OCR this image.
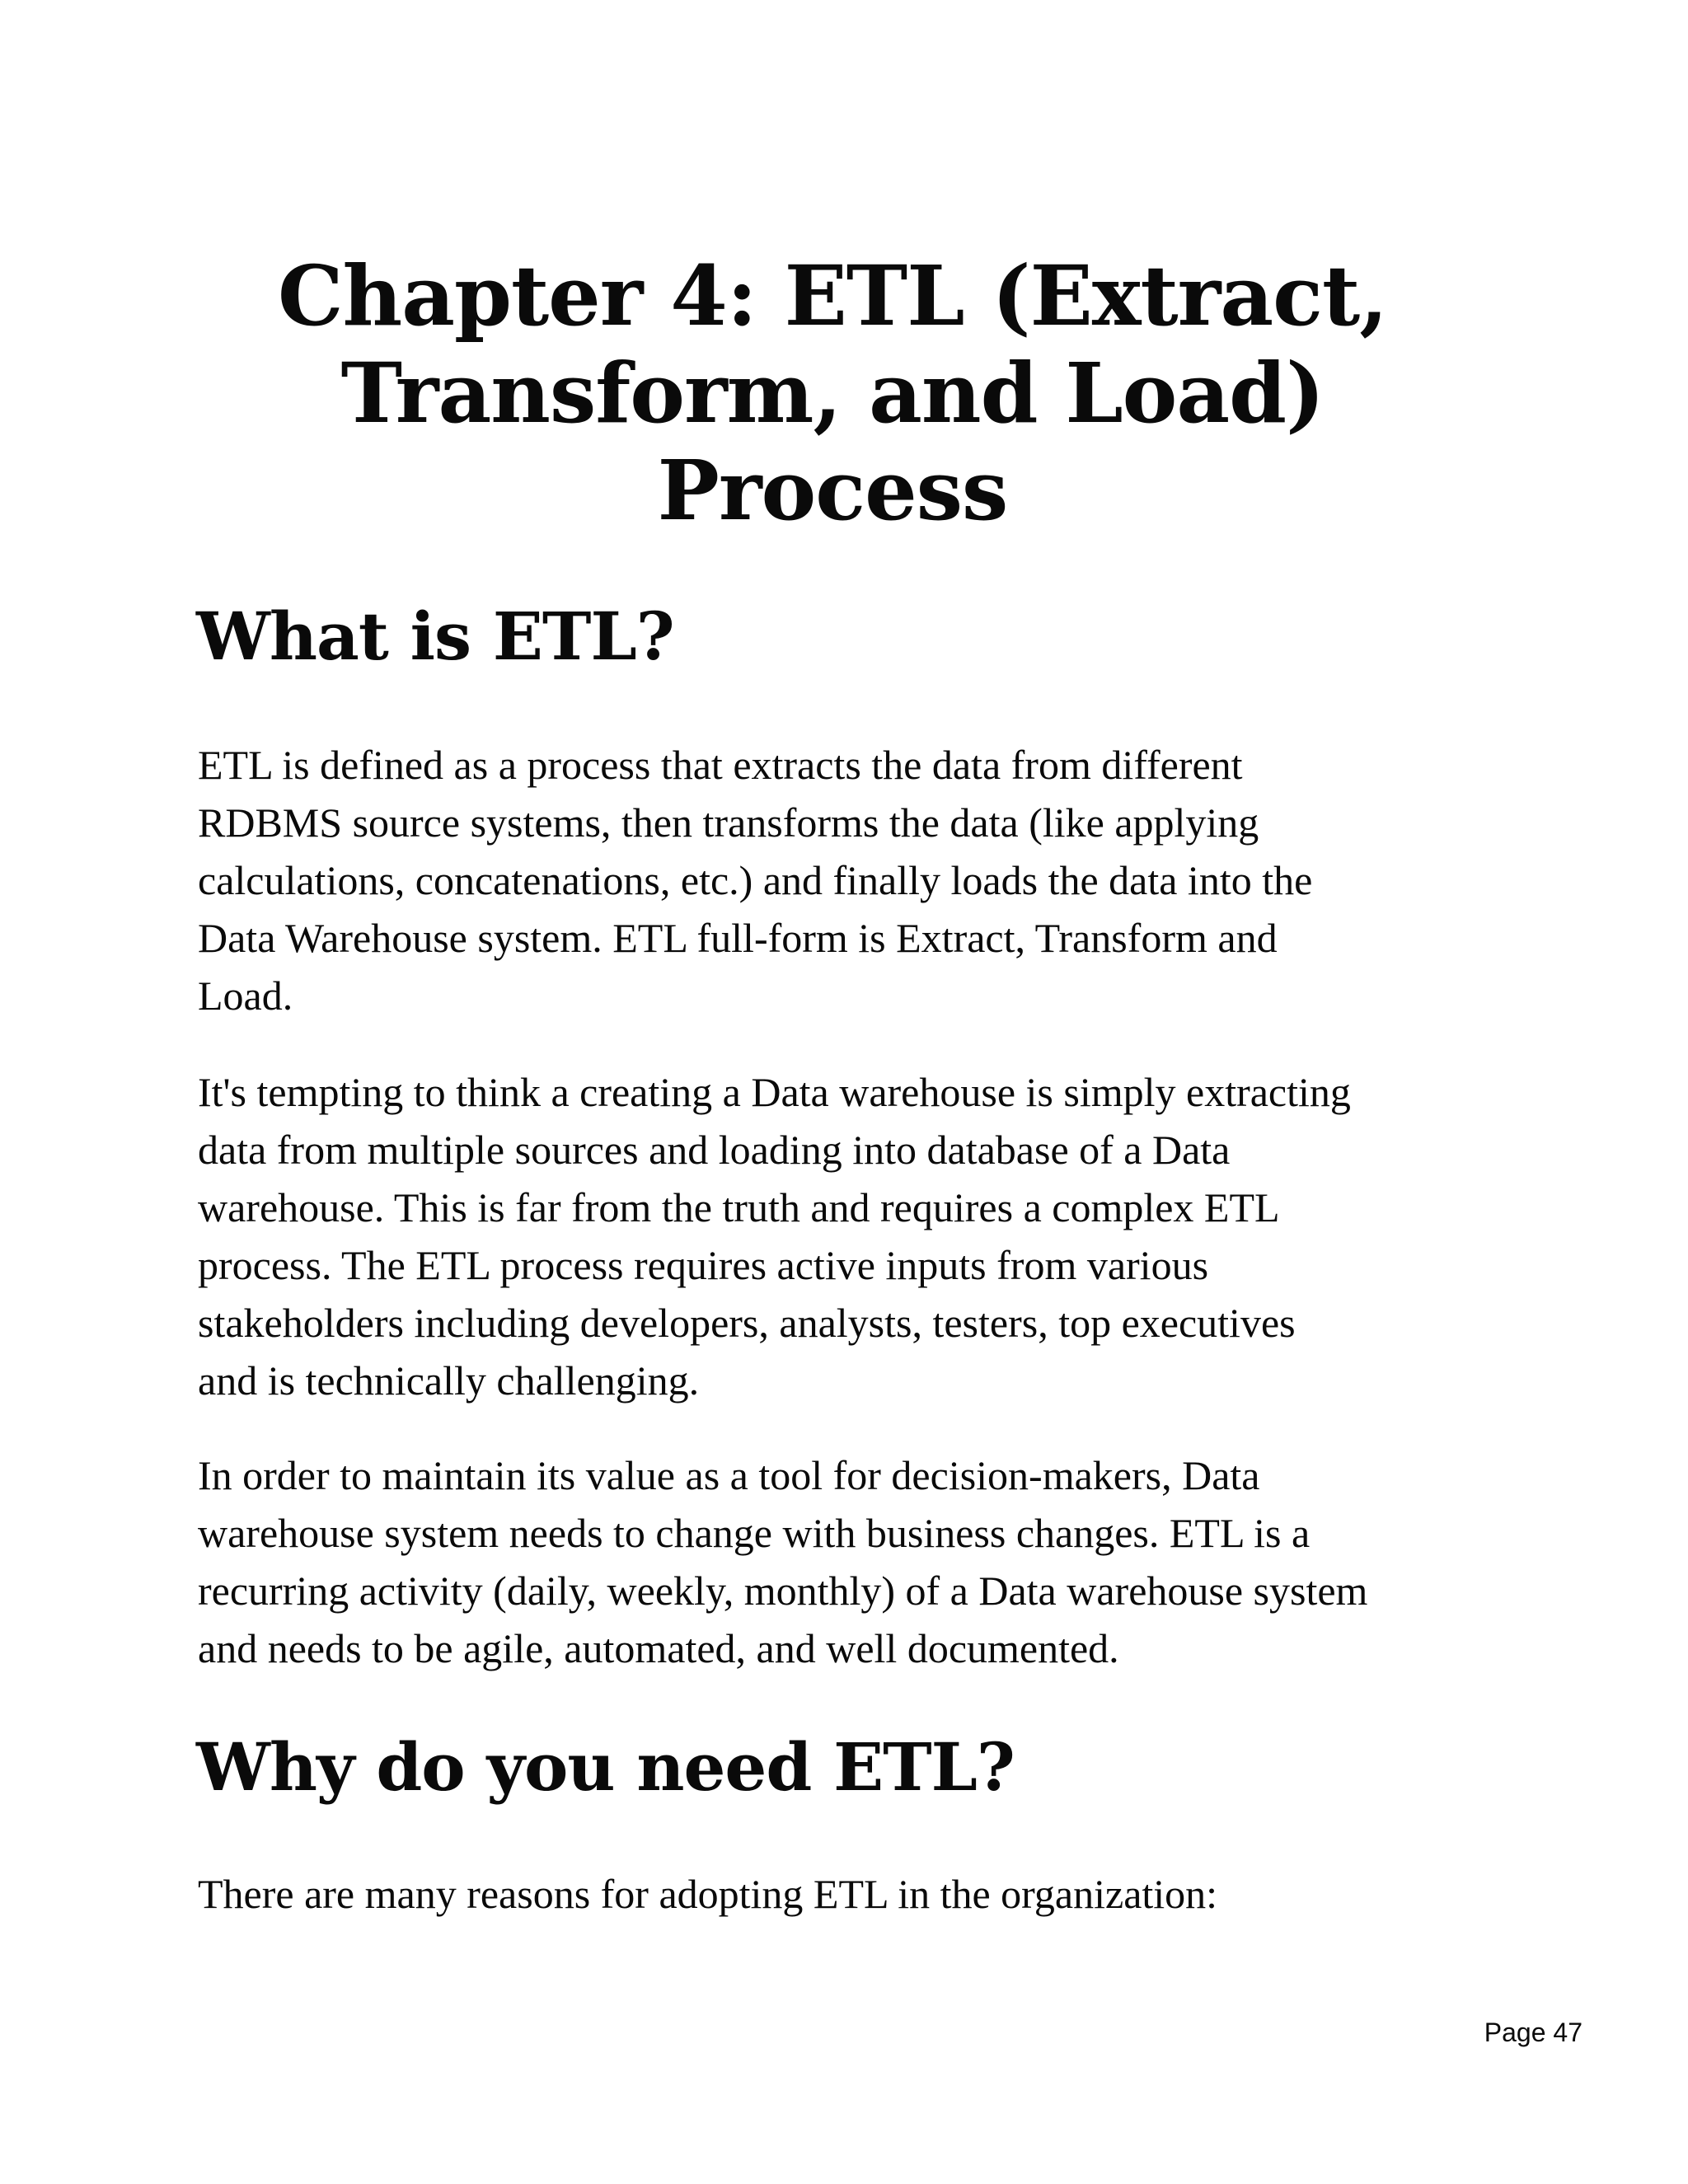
Chapter 4: ETL (Extract,
Transform, and Load)
Process
What is ETL?

ETL is defined as a process that extracts the data from different
RDBMS source systems, then transforms the data (like applying
calculations, concatenations, etc.) and finally loads the data into the
Data Warehouse system. ETL full-form is Extract, Transform and
Load.

It's tempting to think a creating a Data warehouse is simply extracting
data from multiple sources and loading into database of a Data
warehouse. This is far from the truth and requires a complex ETL
process. The ETL process requires active inputs from various
stakeholders including developers, analysts, testers, top executives
and is technically challenging.

In order to maintain its value as a tool for decision-makers, Data
warehouse system needs to change with business changes. ETL is a
recurring activity (daily, weekly, monthly) of a Data warehouse system
and needs to be agile, automated, and well documented.

Why do you need ETL?

There are many reasons for adopting ETL in the organization:

Page 47
